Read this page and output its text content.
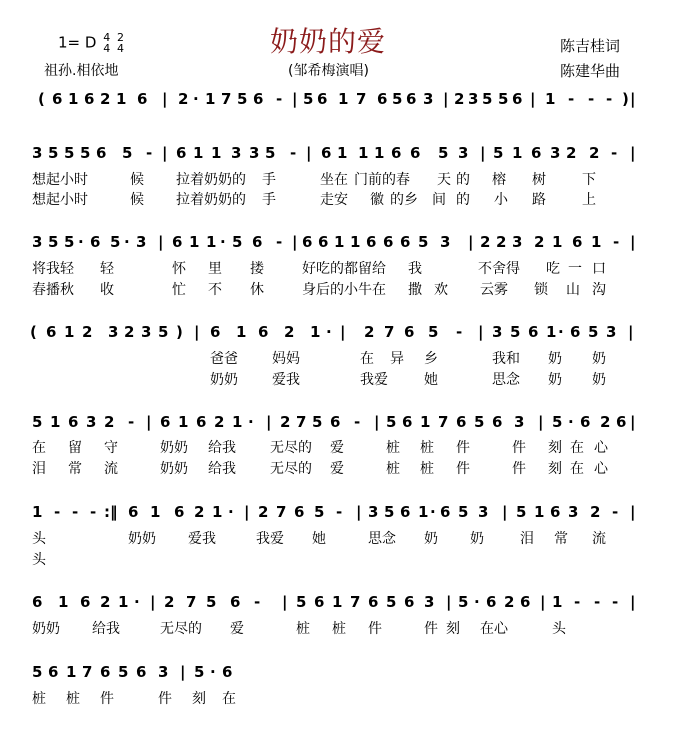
奶奶的爱
1= D 4
4

2
4
祖孙.相依地	(邹希梅演唱)
陈吉桂词
陈建华曲
( 6 1 6 2 1 6 | 2 · 1 7 5 6 - | 5 6 1 7 6 5 6 3 | 2 3 5 5 6 | 1 - - - ) |
3 5 5 5 6 5 - | 6 1 1 3 3 5 - | 6 1 1 1 6 6 5 3 | 5 1 6 3 2 2 - |
想起小时	候 拉着奶奶的 手	坐在 门前的春 天 的 榕 树	下
想起小时	候 拉着奶奶的 手	走安 徽 的乡 间 的 小 路	上
3 5 5 · 6 5 · 3 | 6 1 1 · 5 6 - | 6 6 1 1 6 6 6 5 3 | 2 2 3 2 1 6 1 - |
将我轻 轻	怀 里 搂	好吃的都留给 我	不舍得 吃 一 口
春播秋 收	忙 不 休	身后的小牛在 撒 欢 云雾 锁 山 沟
( 6 1 2 3 2 3 5 ) | 6 1 6 2 1 · | 2 7 6 5 - | 3 5 6 1 · 6 5 3 |
爸爸 妈妈	在 异 乡	我和 奶 奶
奶奶 爱我	我爱	她	思念 奶 奶
5 1 6 3 2 - | 6 1 6 2 1 · | 2 7 5 6 - | 5 6 1 7 6 5 6 3 | 5 · 6 2 6 |
在 留 守	奶奶 给我 无尽的 爱	桩 桩 件	件 刻 在 心
泪 常 流	奶奶 给我 无尽的 爱	桩 桩 件	件 刻 在 心
1 - - - : ‖ 6 1 6 2 1 · | 2 7 6 5 - | 3 5 6 1 · 6 5 3 | 5 1 6 3 2 - |
头	奶奶 爱我	我爱 她	思念 奶 奶	泪 常 流
头
6 1 6 2 1 · | 2 7 5 6 - | 5 6 1 7 6 5 6 3 | 5 · 6 2 6 | 1 - - - |
奶奶 给我	无尽的 爱	桩 桩 件	件 刻 在心	头
5 6 1 7 6 5 6 3 | 5 · 6
桩 桩 件	件 刻 在
